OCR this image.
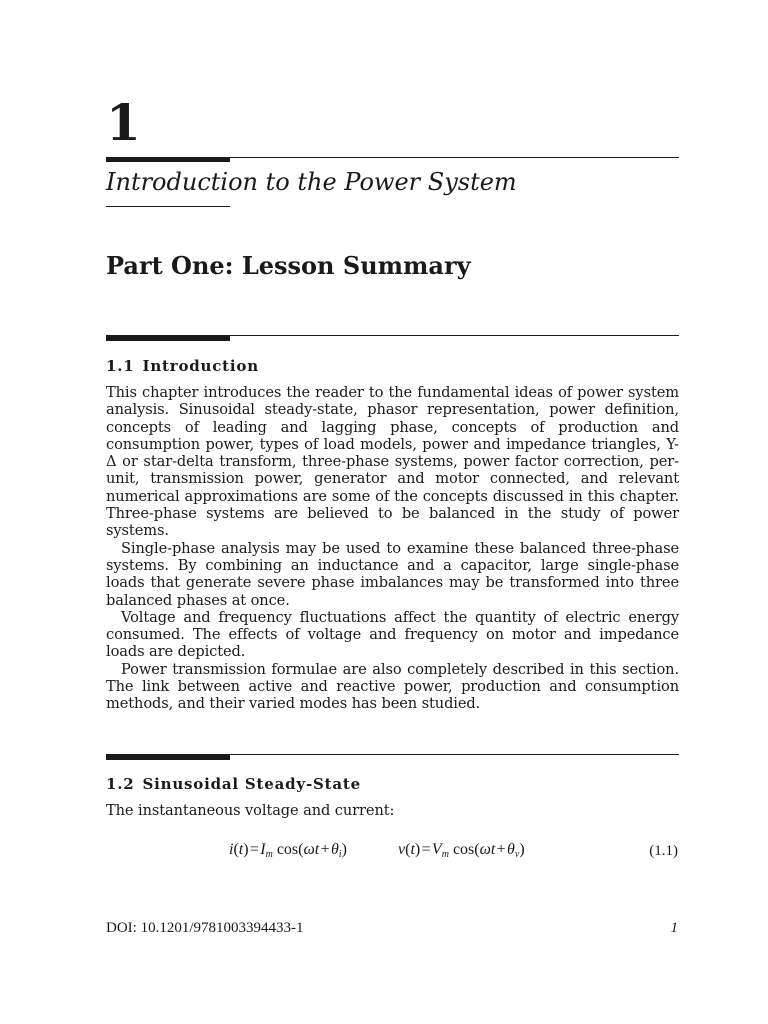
1
Introduction to the Power System
Part One: Lesson Summary
1.1 Introduction

This chapter introduces the reader to the fundamental ideas of power system analysis. Sinusoidal steady-state, phasor representation, power definition, concepts of leading and lagging phase, concepts of production and consumption power, types of load models, power and impedance triangles, Y-Δ or star-delta transform, three-phase systems, power factor correction, per-unit, transmission power, generator and motor connected, and relevant numerical approximations are some of the concepts discussed in this chapter. Three-phase systems are believed to be balanced in the study of power systems.

Single-phase analysis may be used to examine these balanced three-phase systems. By combining an inductance and a capacitor, large single-phase loads that generate severe phase imbalances may be transformed into three balanced phases at once.

Voltage and frequency fluctuations affect the quantity of electric energy consumed. The effects of voltage and frequency on motor and impedance loads are depicted.

Power transmission formulae are also completely described in this section. The link between active and reactive power, production and consumption methods, and their varied modes has been studied.

1.2 Sinusoidal Steady-State

The instantaneous voltage and current:

i(t) = $I_m$ cos(ωt + $\theta_i$)	v(t) = $V_m$ cos(ωt + $\theta_v$)	(1.1)
DOI: 10.1201/9781003394433-1	1
